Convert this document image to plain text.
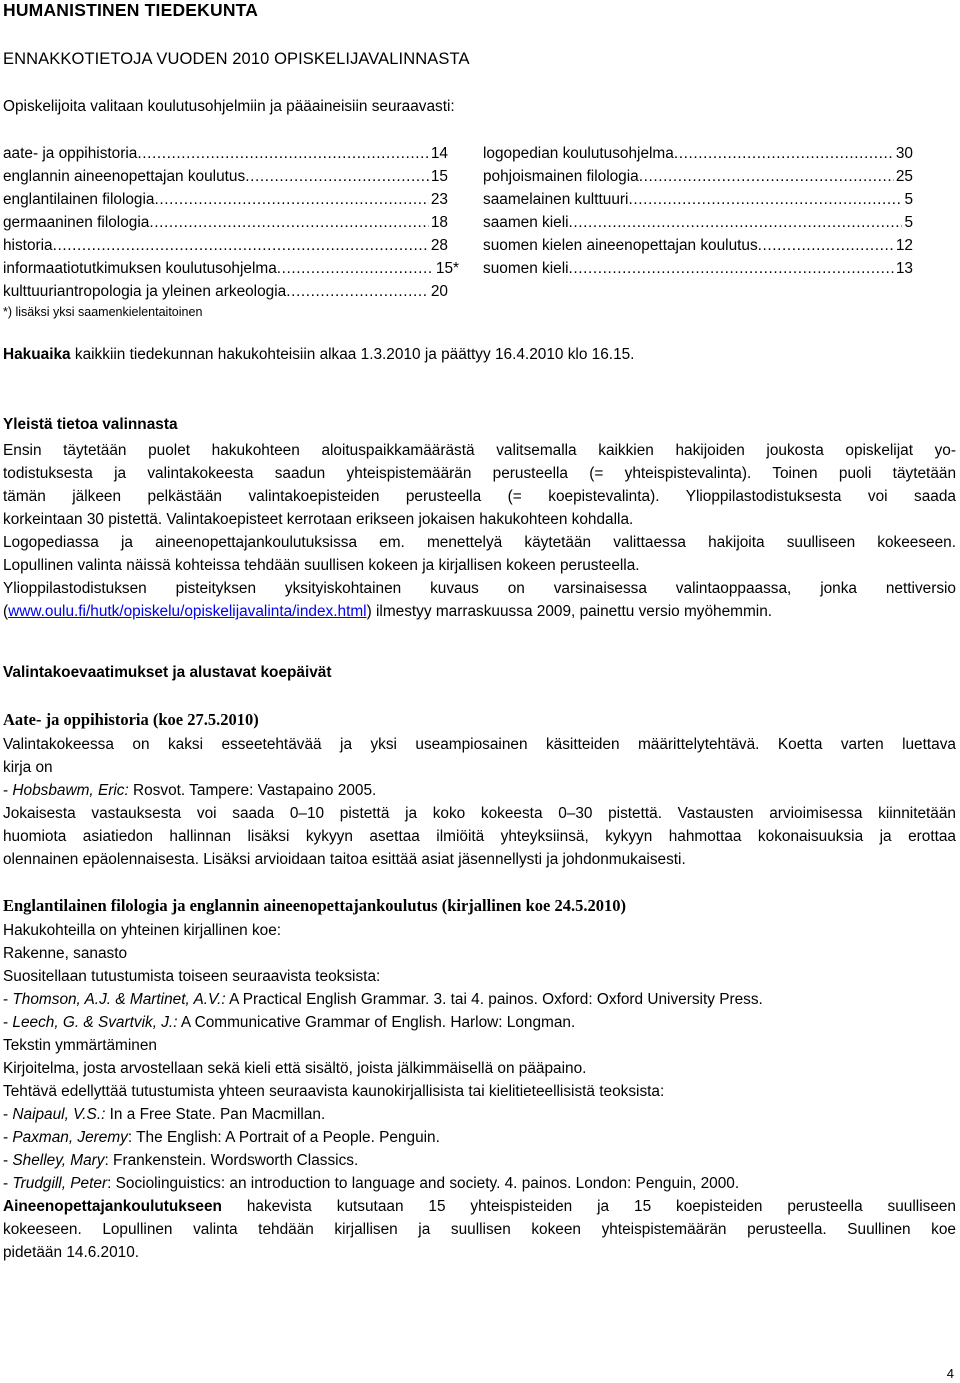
HUMANISTINEN TIEDEKUNTA
ENNAKKOTIETOJA VUODEN 2010 OPISKELIJAVALINNASTA
Opiskelijoita valitaan koulutusohjelmiin ja pääaineisiin seuraavasti:
aate- ja oppihistoria .....	14
englannin aineenopettajan koulutus .....	15
englantilainen filologia .....	23
germaaninen filologia .....	18
historia .....	28
informaatiotutkimuksen koulutusohjelma .....	15*
kulttuuriantropologia ja yleinen arkeologia .....	20
*) lisäksi yksi saamenkielentaitoinen
logopedian koulutusohjelma .....	30
pohjoismainen filologia .....	25
saamelainen kulttuuri .....	5
saamen kieli .....	5
suomen kielen aineenopettajan koulutus .....	12
suomen kieli .....	13
Hakuaika kaikkiin tiedekunnan hakukohteisiin alkaa 1.3.2010 ja päättyy 16.4.2010 klo 16.15.
Yleistä tietoa valinnasta
Ensin täytetään puolet hakukohteen aloituspaikkamäärästä valitsemalla kaikkien hakijoiden joukosta opiskelijat yo-
todistuksesta ja valintakokeesta saadun yhteispistemäärän perusteella (= yhteispistevalinta). Toinen puoli täytetään
tämän jälkeen pelkästään valintakoepisteiden perusteella (= koepistevalinta). Ylioppilastodistuksesta voi saada
korkeintaan 30 pistettä. Valintakoepisteet kerrotaan erikseen jokaisen hakukohteen kohdalla.
Logopediassa ja aineenopettajankoulutuksissa em. menettelyä käytetään valittaessa hakijoita suulliseen kokeeseen.
Lopullinen valinta näissä kohteissa tehdään suullisen kokeen ja kirjallisen kokeen perusteella.
Ylioppilastodistuksen pisteityksen yksityiskohtainen kuvaus on varsinaisessa valintaoppaassa, jonka nettiversio
(www.oulu.fi/hutk/opiskelu/opiskelijavalinta/index.html) ilmestyy marraskuussa 2009, painettu versio myöhemmin.
Valintakoevaatimukset ja alustavat koepäivät
Aate- ja oppihistoria (koe 27.5.2010)
Valintakokeessa on kaksi esseetehtävää ja yksi useampiosainen käsitteiden määrittelytehtävä. Koetta varten luettava
kirja on
- Hobsbawm, Eric: Rosvot. Tampere: Vastapaino 2005.
Jokaisesta vastauksesta voi saada 0–10 pistettä ja koko kokeesta 0–30 pistettä. Vastausten arvioimisessa kiinnitetään
huomiota asiatiedon hallinnan lisäksi kykyyn asettaa ilmiöitä yhteyksiinsä, kykyyn hahmottaa kokonaisuuksia ja erottaa
olennainen epäolennaisesta. Lisäksi arvioidaan taitoa esittää asiat jäsennellysti ja johdonmukaisesti.
Englantilainen filologia ja englannin aineenopettajankoulutus (kirjallinen koe 24.5.2010)
Hakukohteilla on yhteinen kirjallinen koe:
Rakenne, sanasto
Suositellaan tutustumista toiseen seuraavista teoksista:
- Thomson, A.J. & Martinet, A.V.: A Practical English Grammar. 3. tai 4. painos. Oxford: Oxford University Press.
- Leech, G. & Svartvik, J.: A Communicative Grammar of English. Harlow: Longman.
Tekstin ymmärtäminen
Kirjoitelma, josta arvostellaan sekä kieli että sisältö, joista jälkimmäisellä on pääpaino.
Tehtävä edellyttää tutustumista yhteen seuraavista kaunokirjallisista tai kielitieteellisistä teoksista:
- Naipaul, V.S.: In a Free State. Pan Macmillan.
- Paxman, Jeremy: The English: A Portrait of a People. Penguin.
- Shelley, Mary: Frankenstein. Wordsworth Classics.
- Trudgill, Peter: Sociolinguistics: an introduction to language and society. 4. painos. London: Penguin, 2000.
Aineenopettajankoulutukseen hakevista kutsutaan 15 yhteispisteiden ja 15 koepisteiden perusteella suulliseen
kokeeseen. Lopullinen valinta tehdään kirjallisen ja suullisen kokeen yhteispistemäärän perusteella. Suullinen koe
pidetään 14.6.2010.
4
